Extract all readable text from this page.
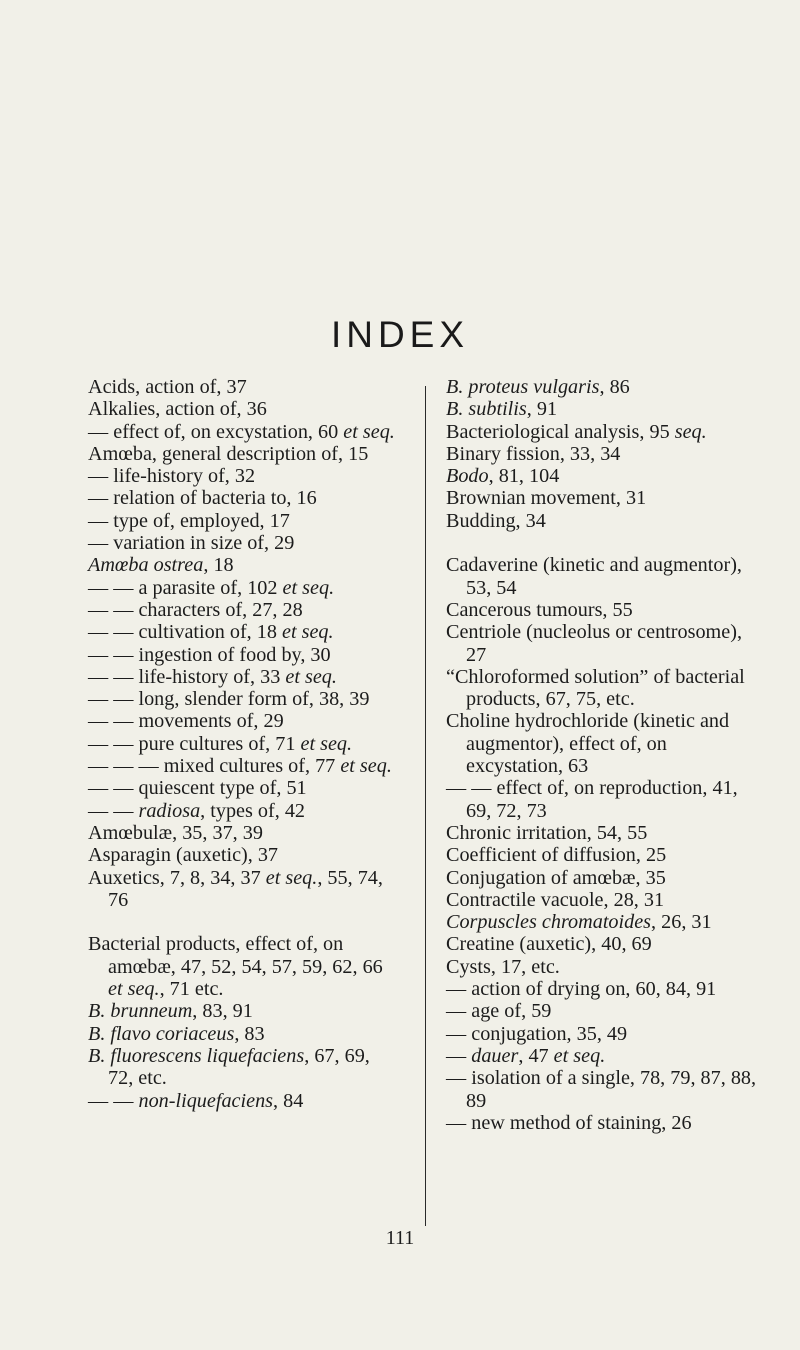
INDEX
Acids, action of, 37
Alkalies, action of, 36
— effect of, on excystation, 60 et seq.
Amœba, general description of, 15
— life-history of, 32
— relation of bacteria to, 16
— type of, employed, 17
— variation in size of, 29
Amœba ostrea, 18
— — a parasite of, 102 et seq.
— — characters of, 27, 28
— — cultivation of, 18 et seq.
— — ingestion of food by, 30
— — life-history of, 33 et seq.
— — long, slender form of, 38, 39
— — movements of, 29
— — pure cultures of, 71 et seq.
— — — mixed cultures of, 77 et seq.
— — quiescent type of, 51
— — radiosa, types of, 42
Amœbulæ, 35, 37, 39
Asparagin (auxetic), 37
Auxetics, 7, 8, 34, 37 et seq., 55, 74, 76
Bacterial products, effect of, on amœbæ, 47, 52, 54, 57, 59, 62, 66 et seq., 71 etc.
B. brunneum, 83, 91
B. flavo coriaceus, 83
B. fluorescens liquefaciens, 67, 69, 72, etc.
— — non-liquefaciens, 84
B. proteus vulgaris, 86
B. subtilis, 91
Bacteriological analysis, 95 seq.
Binary fission, 33, 34
Bodo, 81, 104
Brownian movement, 31
Budding, 34
Cadaverine (kinetic and augmentor), 53, 54
Cancerous tumours, 55
Centriole (nucleolus or centrosome), 27
“Chloroformed solution” of bacterial products, 67, 75, etc.
Choline hydrochloride (kinetic and augmentor), effect of, on excystation, 63
— — effect of, on reproduction, 41, 69, 72, 73
Chronic irritation, 54, 55
Coefficient of diffusion, 25
Conjugation of amœbæ, 35
Contractile vacuole, 28, 31
Corpuscles chromatoides, 26, 31
Creatine (auxetic), 40, 69
Cysts, 17, etc.
— action of drying on, 60, 84, 91
— age of, 59
— conjugation, 35, 49
— dauer, 47 et seq.
— isolation of a single, 78, 79, 87, 88, 89
— new method of staining, 26
111
